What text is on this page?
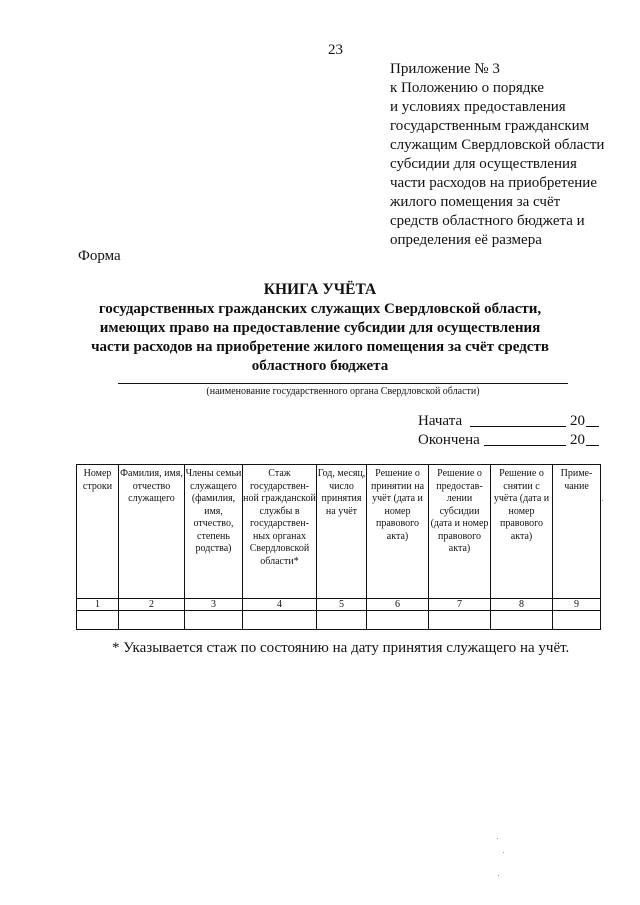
23
Приложение № 3
к Положению о порядке
и условиях предоставления
государственным гражданским
служащим Свердловской области
субсидии для осуществления
части расходов на приобретение
жилого помещения за счёт
средств областного бюджета и
определения её размера
Форма
КНИГА УЧЁТА
государственных гражданских служащих Свердловской области,
имеющих право на предоставление субсидии для осуществления
части расходов на приобретение жилого помещения за счёт средств
областного бюджета
(наименование государственного органа Свердловской области)
Начата	20
Окончена	20
Номер строки	Фамилия, имя, отчество служащего	Члены семьи служащего (фамилия, имя, отчество, степень родства)	Стаж государствен-ной гражданской службы в государствен-ных органах Свердловской области*	Год, месяц, число принятия на учёт	Решение о принятии на учёт (дата и номер правового акта)	Решение о предостав-лении субсидии (дата и номер правового акта)	Решение о снятии с учёта (дата и номер правового акта)	Приме-чание
1	2	3	4	5	6	7	8	9

* Указывается стаж по состоянию на дату принятия служащего на учёт.
